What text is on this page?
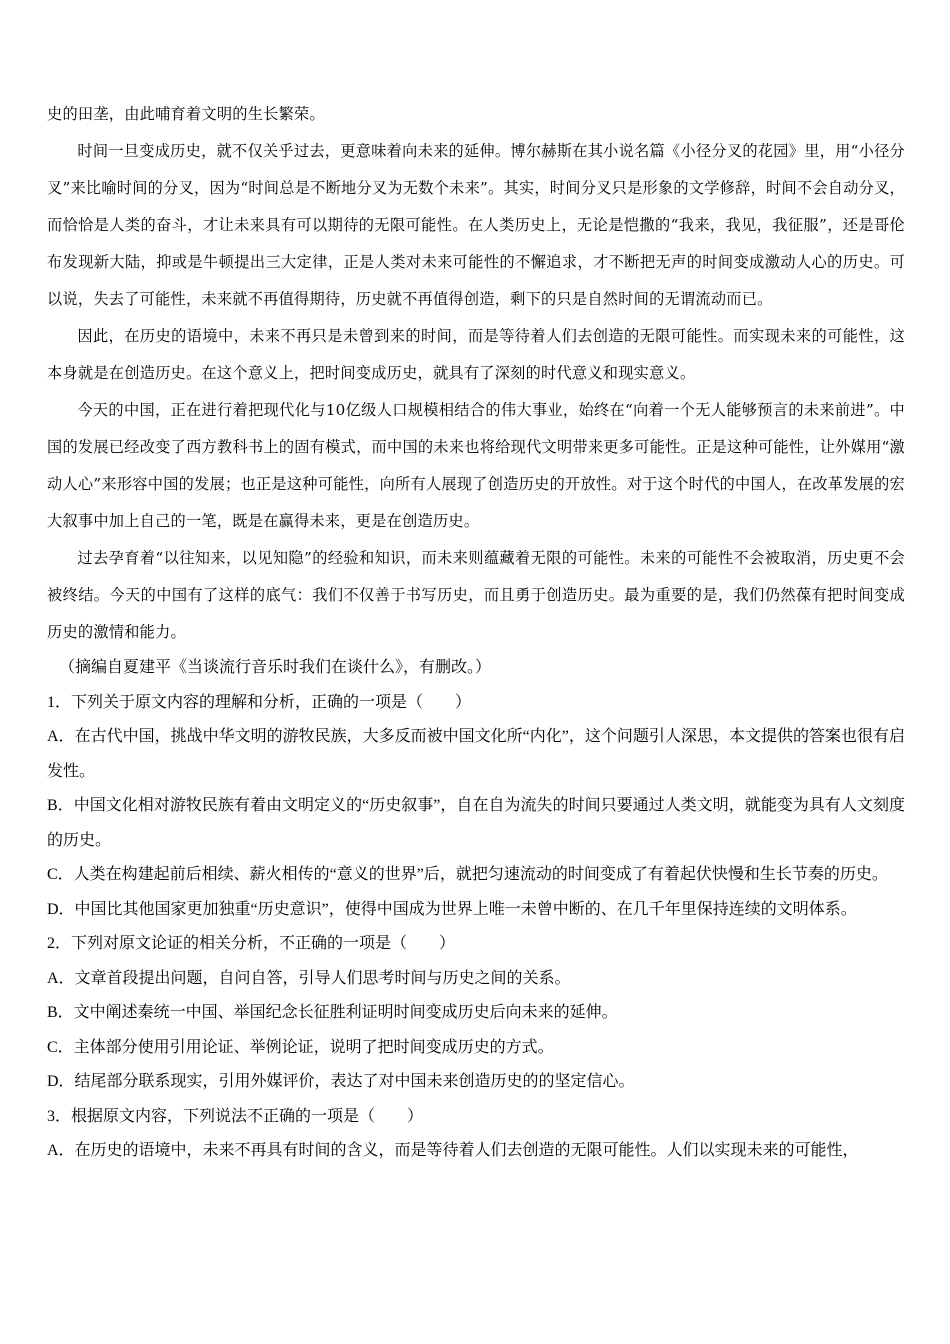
史的田垄，由此哺育着文明的生长繁荣。

时间一旦变成历史，就不仅关乎过去，更意味着向未来的延伸。博尔赫斯在其小说名篇《小径分叉的花园》里，用“小径分叉”来比喻时间的分叉，因为“时间总是不断地分叉为无数个未来”。其实，时间分叉只是形象的文学修辞，时间不会自动分叉，而恰恰是人类的奋斗，才让未来具有可以期待的无限可能性。在人类历史上，无论是恺撒的“我来，我见，我征服”，还是哥伦布发现新大陆，抑或是牛顿提出三大定律，正是人类对未来可能性的不懈追求，才不断把无声的时间变成激动人心的历史。可以说，失去了可能性，未来就不再值得期待，历史就不再值得创造，剩下的只是自然时间的无谓流动而已。

因此，在历史的语境中，未来不再只是未曾到来的时间，而是等待着人们去创造的无限可能性。而实现未来的可能性，这本身就是在创造历史。在这个意义上，把时间变成历史，就具有了深刻的时代意义和现实意义。

今天的中国，正在进行着把现代化与10亿级人口规模相结合的伟大事业，始终在“向着一个无人能够预言的未来前进”。中国的发展已经改变了西方教科书上的固有模式，而中国的未来也将给现代文明带来更多可能性。正是这种可能性，让外媒用“激动人心”来形容中国的发展；也正是这种可能性，向所有人展现了创造历史的开放性。对于这个时代的中国人，在改革发展的宏大叙事中加上自己的一笔，既是在赢得未来，更是在创造历史。

过去孕育着“以往知来，以见知隐”的经验和知识，而未来则蕴藏着无限的可能性。未来的可能性不会被取消，历史更不会被终结。今天的中国有了这样的底气：我们不仅善于书写历史，而且勇于创造历史。最为重要的是，我们仍然葆有把时间变成历史的激情和能力。

（摘编自夏建平《当谈流行音乐时我们在谈什么》，有删改。）

1．下列关于原文内容的理解和分析，正确的一项是（　　）

A．在古代中国，挑战中华文明的游牧民族，大多反而被中国文化所“内化”，这个问题引人深思，本文提供的答案也很有启发性。

B．中国文化相对游牧民族有着由文明定义的“历史叙事”，自在自为流失的时间只要通过人类文明，就能变为具有人文刻度的历史。

C．人类在构建起前后相续、薪火相传的“意义的世界”后，就把匀速流动的时间变成了有着起伏快慢和生长节奏的历史。

D．中国比其他国家更加独重“历史意识”，使得中国成为世界上唯一未曾中断的、在几千年里保持连续的文明体系。

2．下列对原文论证的相关分析，不正确的一项是（　　）

A．文章首段提出问题，自问自答，引导人们思考时间与历史之间的关系。

B．文中阐述秦统一中国、举国纪念长征胜利证明时间变成历史后向未来的延伸。

C．主体部分使用引用论证、举例论证，说明了把时间变成历史的方式。

D．结尾部分联系现实，引用外媒评价，表达了对中国未来创造历史的的坚定信心。

3．根据原文内容，下列说法不正确的一项是（　　）

A．在历史的语境中，未来不再具有时间的含义，而是等待着人们去创造的无限可能性。人们以实现未来的可能性，
